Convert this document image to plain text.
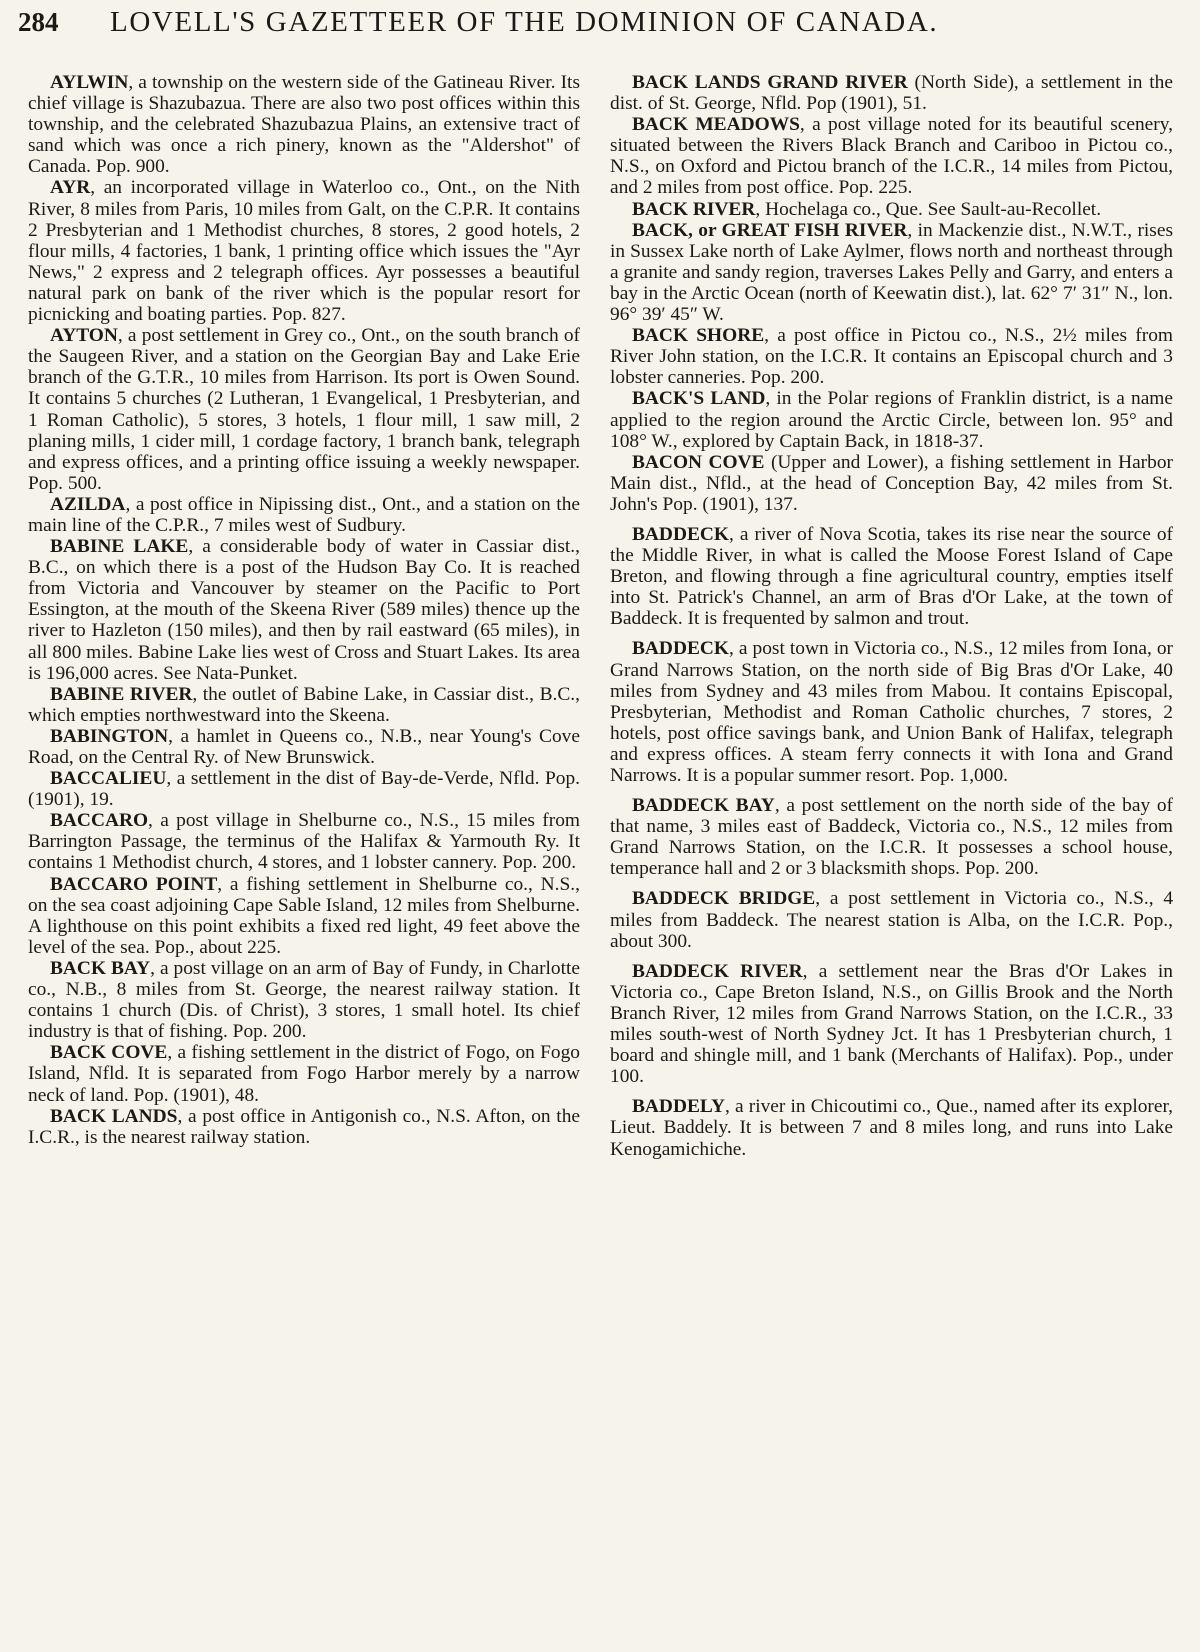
284	LOVELL'S GAZETTEER OF THE DOMINION OF CANADA.

AYLWIN, a township on the western side of the Gatineau River. Its chief village is Shazubazua. There are also two post offices within this township, and the celebrated Shazubazua Plains, an extensive tract of sand which was once a rich pinery, known as the "Aldershot" of Canada. Pop. 900.

AYR, an incorporated village in Waterloo co., Ont., on the Nith River, 8 miles from Paris, 10 miles from Galt, on the C.P.R. It contains 2 Presbyterian and 1 Methodist churches, 8 stores, 2 good hotels, 2 flour mills, 4 factories, 1 bank, 1 printing office which issues the "Ayr News," 2 express and 2 telegraph offices. Ayr possesses a beautiful natural park on bank of the river which is the popular resort for picnicking and boating parties. Pop. 827.

AYTON, a post settlement in Grey co., Ont., on the south branch of the Saugeen River, and a station on the Georgian Bay and Lake Erie branch of the G.T.R., 10 miles from Harrison. Its port is Owen Sound. It contains 5 churches (2 Lutheran, 1 Evangelical, 1 Presbyterian, and 1 Roman Catholic), 5 stores, 3 hotels, 1 flour mill, 1 saw mill, 2 planing mills, 1 cider mill, 1 cordage factory, 1 branch bank, telegraph and express offices, and a printing office issuing a weekly newspaper. Pop. 500.

AZILDA, a post office in Nipissing dist., Ont., and a station on the main line of the C.P.R., 7 miles west of Sudbury.

BABINE LAKE, a considerable body of water in Cassiar dist., B.C., on which there is a post of the Hudson Bay Co. It is reached from Victoria and Vancouver by steamer on the Pacific to Port Essington, at the mouth of the Skeena River (589 miles) thence up the river to Hazleton (150 miles), and then by rail eastward (65 miles), in all 800 miles. Babine Lake lies west of Cross and Stuart Lakes. Its area is 196,000 acres. See Nata-Punket.

BABINE RIVER, the outlet of Babine Lake, in Cassiar dist., B.C., which empties northwestward into the Skeena.

BABINGTON, a hamlet in Queens co., N.B., near Young's Cove Road, on the Central Ry. of New Brunswick.

BACCALIEU, a settlement in the dist of Bay-de-Verde, Nfld. Pop. (1901), 19.

BACCARO, a post village in Shelburne co., N.S., 15 miles from Barrington Passage, the terminus of the Halifax & Yarmouth Ry. It contains 1 Methodist church, 4 stores, and 1 lobster cannery. Pop. 200.

BACCARO POINT, a fishing settlement in Shelburne co., N.S., on the sea coast adjoining Cape Sable Island, 12 miles from Shelburne. A lighthouse on this point exhibits a fixed red light, 49 feet above the level of the sea. Pop., about 225.

BACK BAY, a post village on an arm of Bay of Fundy, in Charlotte co., N.B., 8 miles from St. George, the nearest railway station. It contains 1 church (Dis. of Christ), 3 stores, 1 small hotel. Its chief industry is that of fishing. Pop. 200.

BACK COVE, a fishing settlement in the district of Fogo, on Fogo Island, Nfld. It is separated from Fogo Harbor merely by a narrow neck of land. Pop. (1901), 48.

BACK LANDS, a post office in Antigonish co., N.S. Afton, on the I.C.R., is the nearest railway station.

BACK LANDS GRAND RIVER (North Side), a settlement in the dist. of St. George, Nfld. Pop (1901), 51.

BACK MEADOWS, a post village noted for its beautiful scenery, situated between the Rivers Black Branch and Cariboo in Pictou co., N.S., on Oxford and Pictou branch of the I.C.R., 14 miles from Pictou, and 2 miles from post office. Pop. 225.

BACK RIVER, Hochelaga co., Que. See Sault-au-Recollet.

BACK, or GREAT FISH RIVER, in Mackenzie dist., N.W.T., rises in Sussex Lake north of Lake Aylmer, flows north and northeast through a granite and sandy region, traverses Lakes Pelly and Garry, and enters a bay in the Arctic Ocean (north of Keewatin dist.), lat. 62° 7′ 31″ N., lon. 96° 39′ 45″ W.

BACK SHORE, a post office in Pictou co., N.S., 2½ miles from River John station, on the I.C.R. It contains an Episcopal church and 3 lobster canneries. Pop. 200.

BACK'S LAND, in the Polar regions of Franklin district, is a name applied to the region around the Arctic Circle, between lon. 95° and 108° W., explored by Captain Back, in 1818-37.

BACON COVE (Upper and Lower), a fishing settlement in Harbor Main dist., Nfld., at the head of Conception Bay, 42 miles from St. John's Pop. (1901), 137.

BADDECK, a river of Nova Scotia, takes its rise near the source of the Middle River, in what is called the Moose Forest Island of Cape Breton, and flowing through a fine agricultural country, empties itself into St. Patrick's Channel, an arm of Bras d'Or Lake, at the town of Baddeck. It is frequented by salmon and trout.

BADDECK, a post town in Victoria co., N.S., 12 miles from Iona, or Grand Narrows Station, on the north side of Big Bras d'Or Lake, 40 miles from Sydney and 43 miles from Mabou. It contains Episcopal, Presbyterian, Methodist and Roman Catholic churches, 7 stores, 2 hotels, post office savings bank, and Union Bank of Halifax, telegraph and express offices. A steam ferry connects it with Iona and Grand Narrows. It is a popular summer resort. Pop. 1,000.

BADDECK BAY, a post settlement on the north side of the bay of that name, 3 miles east of Baddeck, Victoria co., N.S., 12 miles from Grand Narrows Station, on the I.C.R. It possesses a school house, temperance hall and 2 or 3 blacksmith shops. Pop. 200.

BADDECK BRIDGE, a post settlement in Victoria co., N.S., 4 miles from Baddeck. The nearest station is Alba, on the I.C.R. Pop., about 300.

BADDECK RIVER, a settlement near the Bras d'Or Lakes in Victoria co., Cape Breton Island, N.S., on Gillis Brook and the North Branch River, 12 miles from Grand Narrows Station, on the I.C.R., 33 miles south-west of North Sydney Jct. It has 1 Presbyterian church, 1 board and shingle mill, and 1 bank (Merchants of Halifax). Pop., under 100.

BADDELY, a river in Chicoutimi co., Que., named after its explorer, Lieut. Baddely. It is between 7 and 8 miles long, and runs into Lake Kenogamichiche.
